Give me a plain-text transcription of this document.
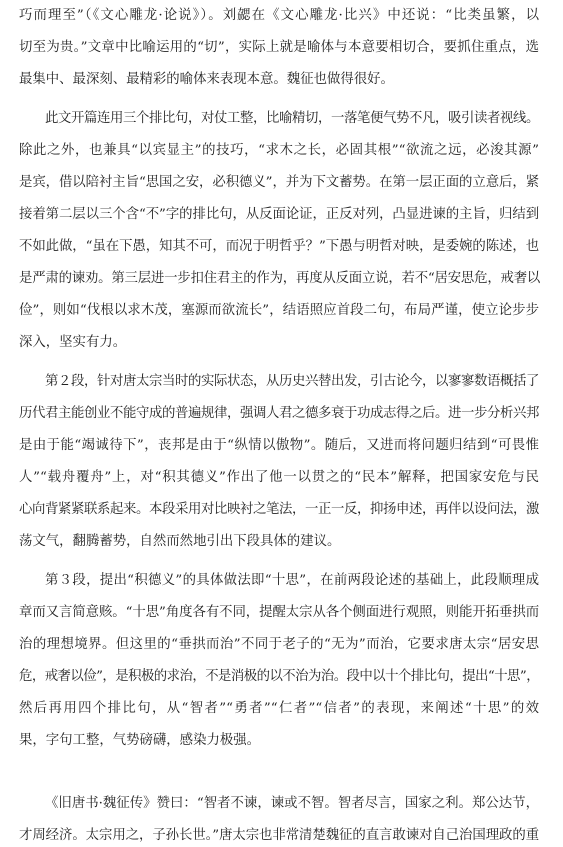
巧而理至”（《文心雕龙·论说》）。刘勰在《文心雕龙·比兴》中还说：“比类虽繁，以
切至为贵。”文章中比喻运用的“切”，实际上就是喻体与本意要相切合，要抓住重点，选
最集中、最深刻、最精彩的喻体来表现本意。魏征也做得很好。
此文开篇连用三个排比句，对仗工整，比喻精切，一落笔便气势不凡，吸引读者视线。
除此之外，也兼具“以宾显主”的技巧，“求木之长，必固其根”“欲流之远，必浚其源”
是宾，借以陪衬主旨“思国之安，必积德义”，并为下文蓄势。在第一层正面的立意后，紧
接着第二层以三个含“不”字的排比句，从反面论证，正反对列，凸显进谏的主旨，归结到
不如此做，“虽在下愚，知其不可，而况于明哲乎？”下愚与明哲对映，是委婉的陈述，也
是严肃的谏劝。第三层进一步扣住君主的作为，再度从反面立说，若不“居安思危，戒奢以
俭”，则如“伐根以求木茂，塞源而欲流长”，结语照应首段二句，布局严谨，使立论步步
深入，坚实有力。
第２段，针对唐太宗当时的实际状态，从历史兴替出发，引古论今，以寥寥数语概括了
历代君主能创业不能守成的普遍规律，强调人君之德多衰于功成志得之后。进一步分析兴邦
是由于能“竭诚待下”，丧邦是由于“纵情以傲物”。随后，又进而将问题归结到“可畏惟
人”“载舟覆舟”上，对“积其德义”作出了他一以贯之的“民本”解释，把国家安危与民
心向背紧紧联系起来。本段采用对比映衬之笔法，一正一反，抑扬申述，再伴以设问法，激
荡文气，翻腾蓄势，自然而然地引出下段具体的建议。
第３段，提出“积德义”的具体做法即“十思”，在前两段论述的基础上，此段顺理成
章而又言简意赅。“十思”角度各有不同，提醒太宗从各个侧面进行观照，则能开拓垂拱而
治的理想境界。但这里的“垂拱而治”不同于老子的“无为”而治，它要求唐太宗“居安思
危，戒奢以俭”，是积极的求治，不是消极的以不治为治。段中以十个排比句，提出“十思”，
然后再用四个排比句，从“智者”“勇者”“仁者”“信者”的表现，来阐述“十思”的效
果，字句工整，气势磅礴，感染力极强。
《旧唐书·魏征传》赞曰：“智者不谏，谏或不智。智者尽言，国家之利。郑公达节，
才周经济。太宗用之，子孙长世。”唐太宗也非常清楚魏征的直言敢谏对自己治国理政的重
